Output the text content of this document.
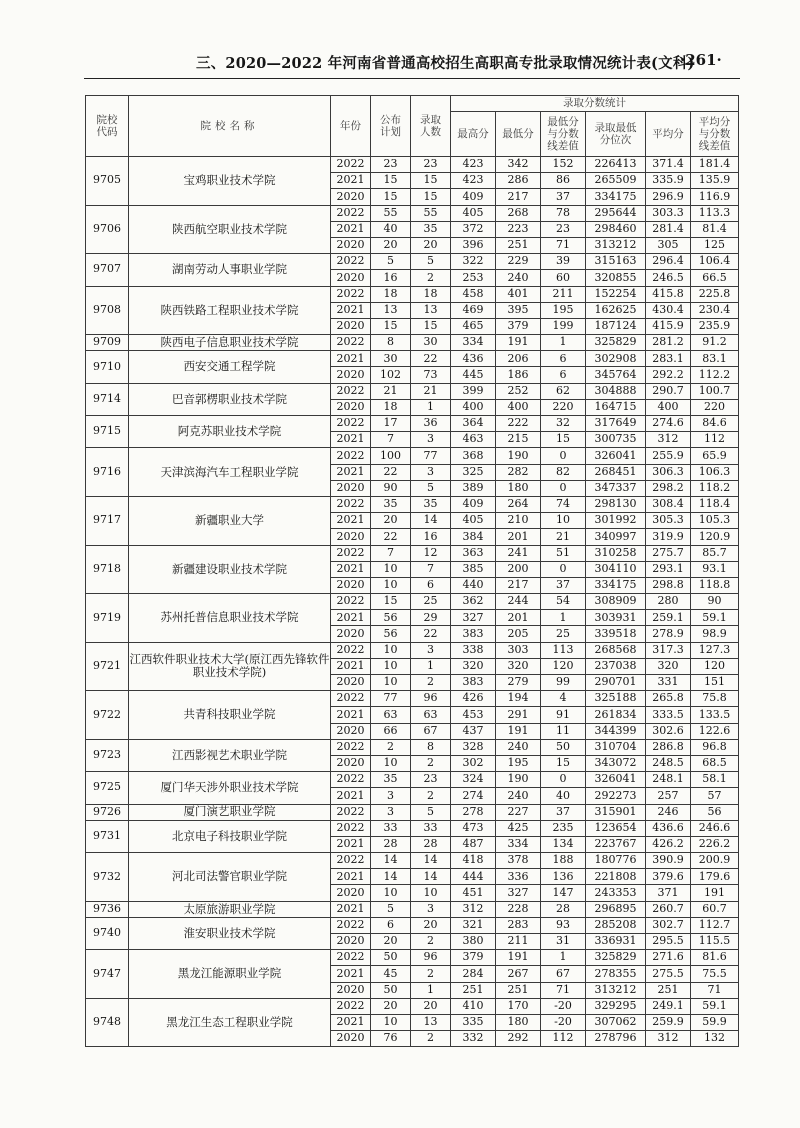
三、2020—2022 年河南省普通高校招生高职高专批录取情况统计表(文科)
·261·
院校代码	院校名称	年份	公布计划	录取人数	录取分数统计					
					最高分	最低分	最低分与分数线差值	录取最低分位次	平均分	平均分与分数线差值
9705	宝鸡职业技术学院	2022	23	23	423	342	152	226413	371.4	181.4
		2021	15	15	423	286	86	265509	335.9	135.9
		2020	15	15	409	217	37	334175	296.9	116.9
9706	陕西航空职业技术学院	2022	55	55	405	268	78	295644	303.3	113.3
		2021	40	35	372	223	23	298460	281.4	81.4
		2020	20	20	396	251	71	313212	305	125
9707	湖南劳动人事职业学院	2022	5	5	322	229	39	315163	296.4	106.4
		2020	16	2	253	240	60	320855	246.5	66.5
9708	陕西铁路工程职业技术学院	2022	18	18	458	401	211	152254	415.8	225.8
		2021	13	13	469	395	195	162625	430.4	230.4
		2020	15	15	465	379	199	187124	415.9	235.9
9709	陕西电子信息职业技术学院	2022	8	30	334	191	1	325829	281.2	91.2
9710	西安交通工程学院	2021	30	22	436	206	6	302908	283.1	83.1
		2020	102	73	445	186	6	345764	292.2	112.2
9714	巴音郭楞职业技术学院	2022	21	21	399	252	62	304888	290.7	100.7
		2020	18	1	400	400	220	164715	400	220
9715	阿克苏职业技术学院	2022	17	36	364	222	32	317649	274.6	84.6
		2021	7	3	463	215	15	300735	312	112
9716	天津滨海汽车工程职业学院	2022	100	77	368	190	0	326041	255.9	65.9
		2021	22	3	325	282	82	268451	306.3	106.3
		2020	90	5	389	180	0	347337	298.2	118.2
9717	新疆职业大学	2022	35	35	409	264	74	298130	308.4	118.4
		2021	20	14	405	210	10	301992	305.3	105.3
		2020	22	16	384	201	21	340997	319.9	120.9
9718	新疆建设职业技术学院	2022	7	12	363	241	51	310258	275.7	85.7
		2021	10	7	385	200	0	304110	293.1	93.1
		2020	10	6	440	217	37	334175	298.8	118.8
9719	苏州托普信息职业技术学院	2022	15	25	362	244	54	308909	280	90
		2021	56	29	327	201	1	303931	259.1	59.1
		2020	56	22	383	205	25	339518	278.9	98.9
9721	江西软件职业技术大学(原江西先锋软件职业技术学院)	2022	10	3	338	303	113	268568	317.3	127.3
		2021	10	1	320	320	120	237038	320	120
		2020	10	2	383	279	99	290701	331	151
9722	共青科技职业学院	2022	77	96	426	194	4	325188	265.8	75.8
		2021	63	63	453	291	91	261834	333.5	133.5
		2020	66	67	437	191	11	344399	302.6	122.6
9723	江西影视艺术职业学院	2022	2	8	328	240	50	310704	286.8	96.8
		2020	10	2	302	195	15	343072	248.5	68.5
9725	厦门华天涉外职业技术学院	2022	35	23	324	190	0	326041	248.1	58.1
		2021	3	2	274	240	40	292273	257	57
9726	厦门演艺职业学院	2022	3	5	278	227	37	315901	246	56
9731	北京电子科技职业学院	2022	33	33	473	425	235	123654	436.6	246.6
		2021	28	28	487	334	134	223767	426.2	226.2
9732	河北司法警官职业学院	2022	14	14	418	378	188	180776	390.9	200.9
		2021	14	14	444	336	136	221808	379.6	179.6
		2020	10	10	451	327	147	243353	371	191
9736	太原旅游职业学院	2021	5	3	312	228	28	296895	260.7	60.7
9740	淮安职业技术学院	2022	6	20	321	283	93	285208	302.7	112.7
		2020	20	2	380	211	31	336931	295.5	115.5
9747	黑龙江能源职业学院	2022	50	96	379	191	1	325829	271.6	81.6
		2021	45	2	284	267	67	278355	275.5	75.5
		2020	50	1	251	251	71	313212	251	71
9748	黑龙江生态工程职业学院	2022	20	20	410	170	-20	329295	249.1	59.1
		2021	10	13	335	180	-20	307062	259.9	59.9
		2020	76	2	332	292	112	278796	312	132
